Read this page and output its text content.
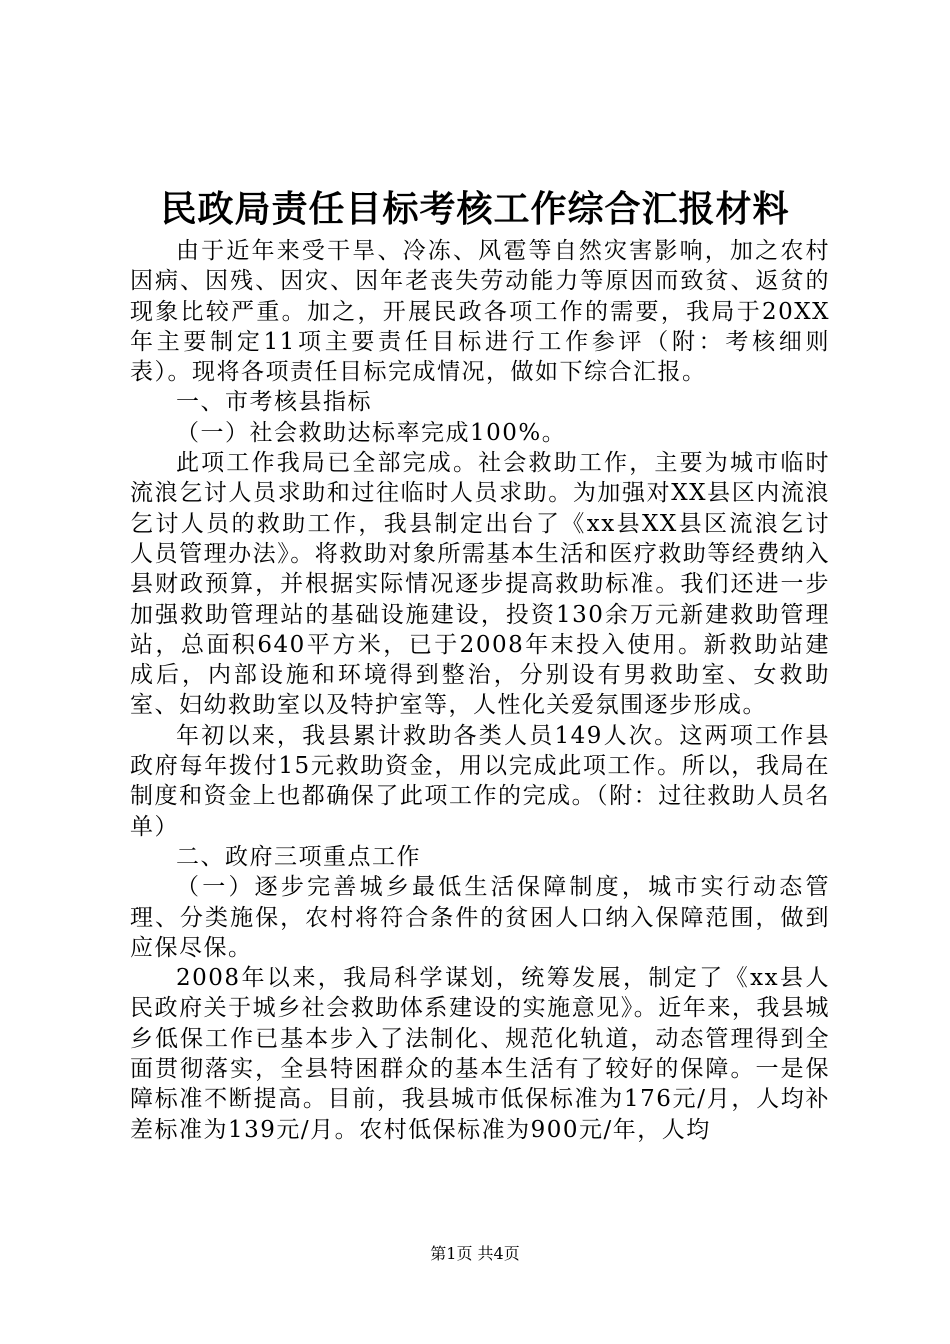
民政局责任目标考核工作综合汇报材料

由于近年来受干旱、冷冻、风雹等自然灾害影响，加之农村因病、因残、因灾、因年老丧失劳动能力等原因而致贫、返贫的现象比较严重。加之，开展民政各项工作的需要，我局于20XX年主要制定11项主要责任目标进行工作参评（附：考核细则表）。现将各项责任目标完成情况，做如下综合汇报。

一、市考核县指标

（一）社会救助达标率完成100%。

此项工作我局已全部完成。社会救助工作，主要为城市临时流浪乞讨人员求助和过往临时人员求助。为加强对XX县区内流浪乞讨人员的救助工作，我县制定出台了《xx县XX县区流浪乞讨人员管理办法》。将救助对象所需基本生活和医疗救助等经费纳入县财政预算，并根据实际情况逐步提高救助标准。我们还进一步加强救助管理站的基础设施建设，投资130余万元新建救助管理站，总面积640平方米，已于2008年末投入使用。新救助站建成后，内部设施和环境得到整治，分别设有男救助室、女救助室、妇幼救助室以及特护室等，人性化关爱氛围逐步形成。

年初以来，我县累计救助各类人员149人次。这两项工作县政府每年拨付15元救助资金，用以完成此项工作。所以，我局在制度和资金上也都确保了此项工作的完成。（附：过往救助人员名单）

二、政府三项重点工作

（一）逐步完善城乡最低生活保障制度，城市实行动态管理、分类施保，农村将符合条件的贫困人口纳入保障范围，做到应保尽保。

2008年以来，我局科学谋划，统筹发展，制定了《xx县人民政府关于城乡社会救助体系建设的实施意见》。近年来，我县城乡低保工作已基本步入了法制化、规范化轨道，动态管理得到全面贯彻落实，全县特困群众的基本生活有了较好的保障。一是保障标准不断提高。目前，我县城市低保标准为176元/月，人均补差标准为139元/月。农村低保标准为900元/年，人均

第1页 共4页
